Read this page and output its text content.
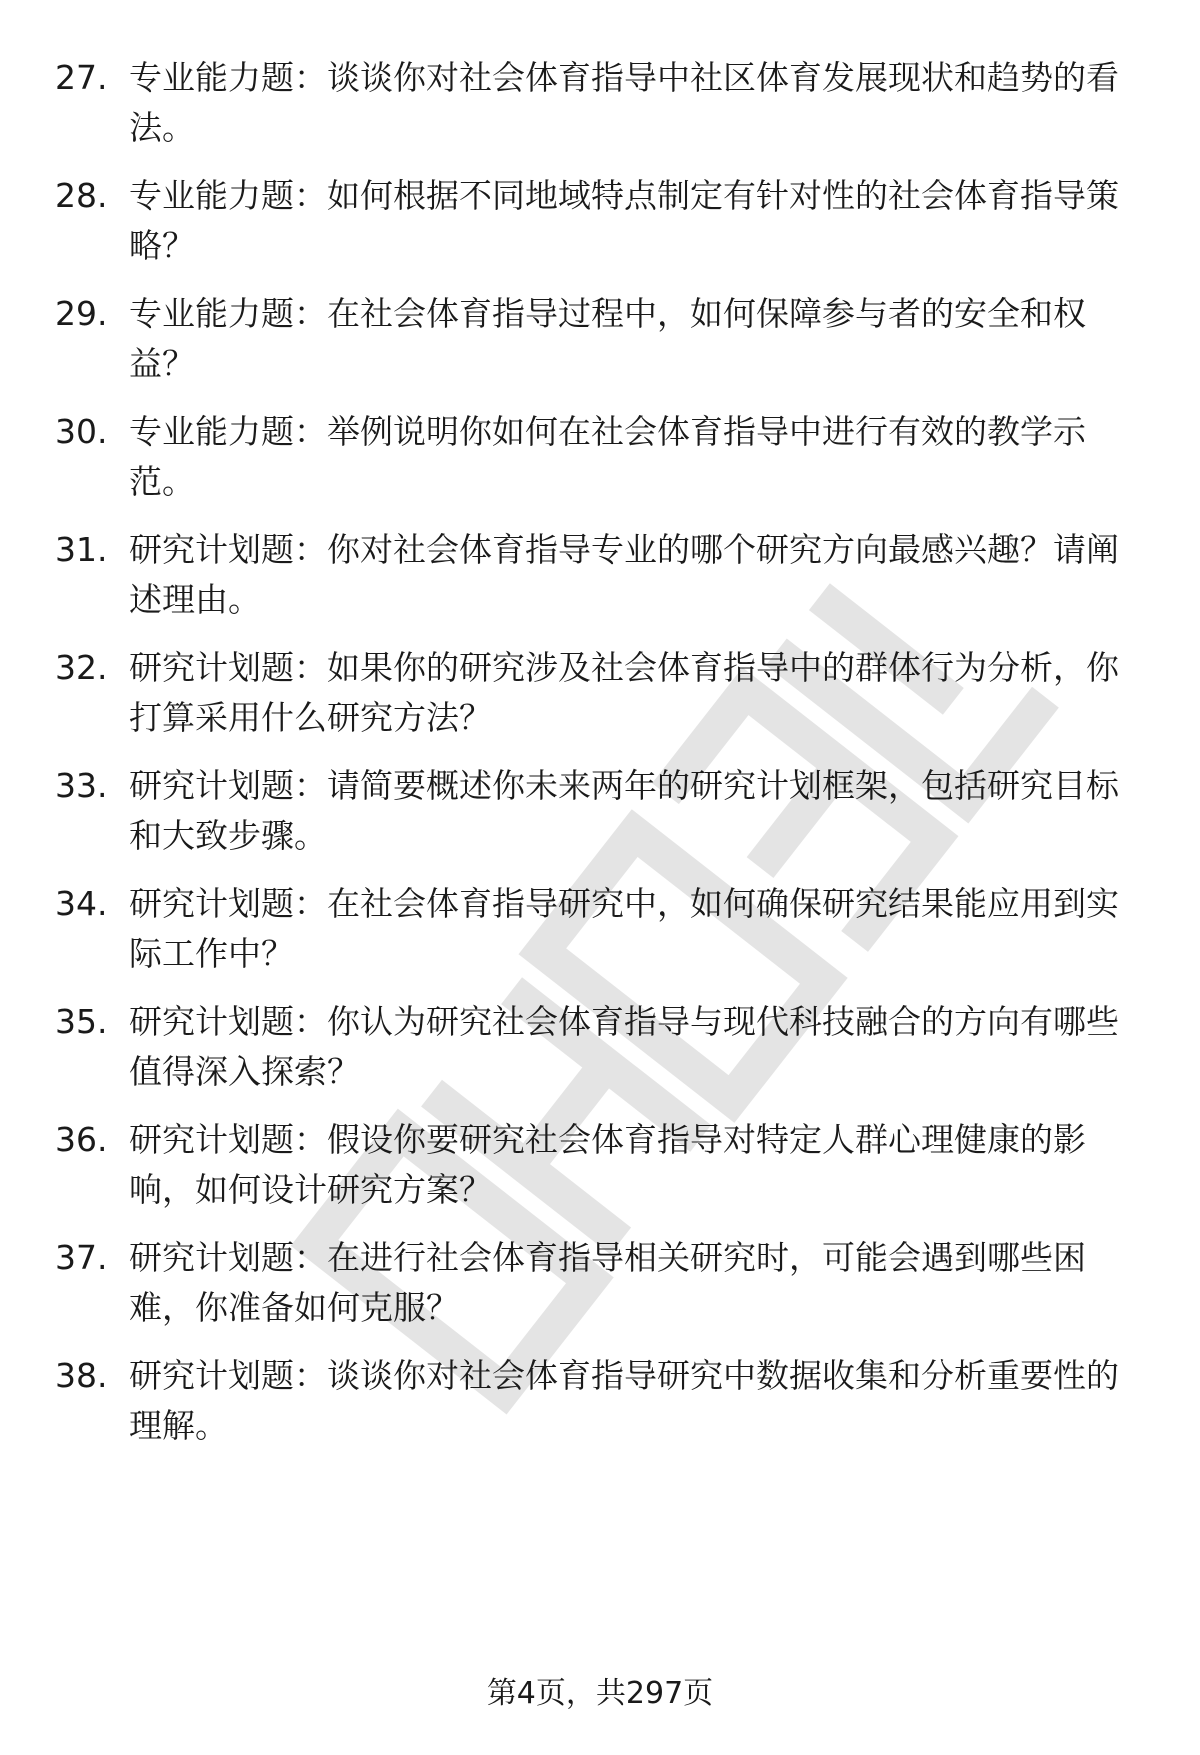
27. 专业能力题：谈谈你对社会体育指导中社区体育发展现状和趋势的看法。
28. 专业能力题：如何根据不同地域特点制定有针对性的社会体育指导策略？
29. 专业能力题：在社会体育指导过程中，如何保障参与者的安全和权益？
30. 专业能力题：举例说明你如何在社会体育指导中进行有效的教学示范。
31. 研究计划题：你对社会体育指导专业的哪个研究方向最感兴趣？请阐述理由。
32. 研究计划题：如果你的研究涉及社会体育指导中的群体行为分析，你打算采用什么研究方法？
33. 研究计划题：请简要概述你未来两年的研究计划框架，包括研究目标和大致步骤。
34. 研究计划题：在社会体育指导研究中，如何确保研究结果能应用到实际工作中？
35. 研究计划题：你认为研究社会体育指导与现代科技融合的方向有哪些值得深入探索？
36. 研究计划题：假设你要研究社会体育指导对特定人群心理健康的影响，如何设计研究方案？
37. 研究计划题：在进行社会体育指导相关研究时，可能会遇到哪些困难，你准备如何克服？
38. 研究计划题：谈谈你对社会体育指导研究中数据收集和分析重要性的理解。
第4页，共297页
